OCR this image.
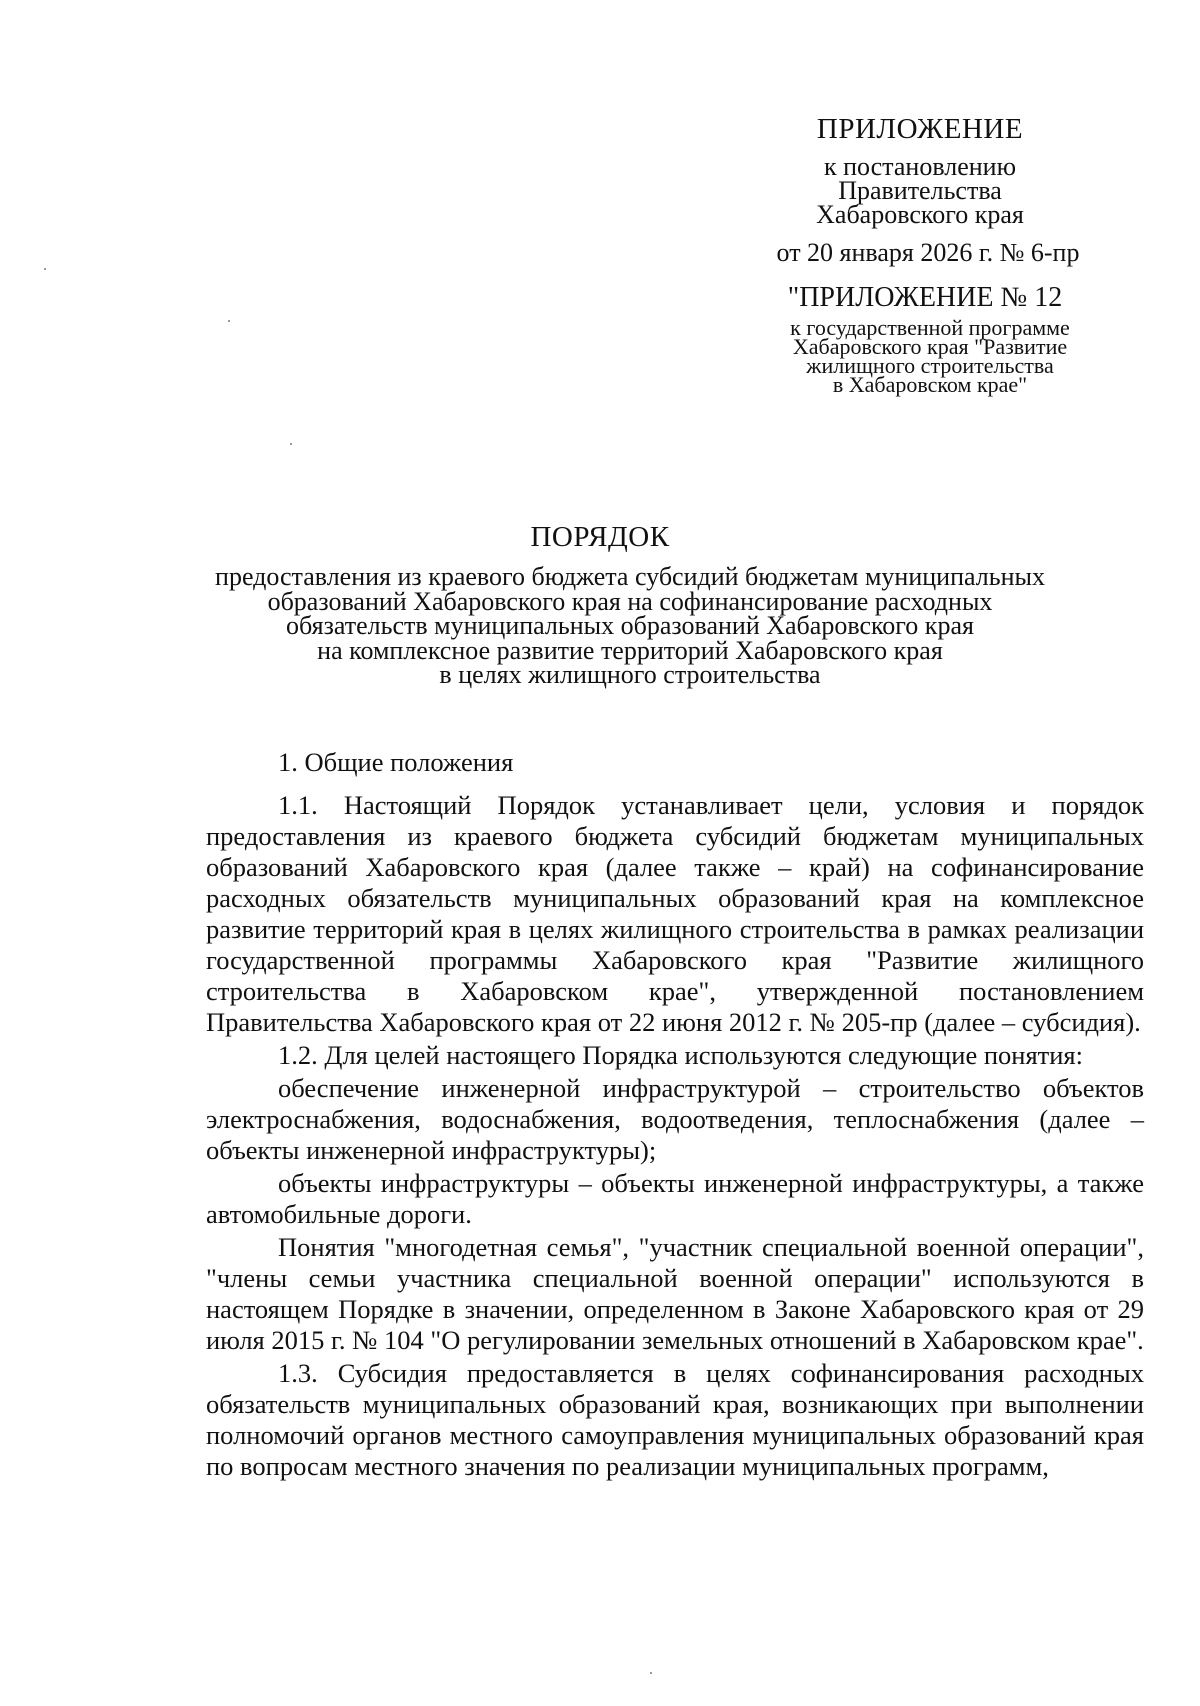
ПРИЛОЖЕНИЕ
к постановлению
Правительства
Хабаровского края
от 20 января 2026 г. № 6-пр
"ПРИЛОЖЕНИЕ № 12
к государственной программе
Хабаровского края "Развитие
жилищного строительства
в Хабаровском крае"
ПОРЯДОК
предоставления из краевого бюджета субсидий бюджетам муниципальных
образований Хабаровского края на софинансирование расходных
обязательств муниципальных образований Хабаровского края
на комплексное развитие территорий Хабаровского края
в целях жилищного строительства
1. Общие положения

1.1. Настоящий Порядок устанавливает цели, условия и порядок предоставления из краевого бюджета субсидий бюджетам муниципальных образований Хабаровского края (далее также – край) на софинансирование расходных обязательств муниципальных образований края на комплексное развитие территорий края в целях жилищного строительства в рамках реализации государственной программы Хабаровского края "Развитие жилищного строительства в Хабаровском крае", утвержденной постановлением Правительства Хабаровского края от 22 июня 2012 г. № 205-пр (далее – субсидия).

1.2. Для целей настоящего Порядка используются следующие понятия:

обеспечение инженерной инфраструктурой – строительство объектов электроснабжения, водоснабжения, водоотведения, теплоснабжения (далее – объекты инженерной инфраструктуры);

объекты инфраструктуры – объекты инженерной инфраструктуры, а также автомобильные дороги.

Понятия "многодетная семья", "участник специальной военной операции", "члены семьи участника специальной военной операции" используются в настоящем Порядке в значении, определенном в Законе Хабаровского края от 29 июля 2015 г. № 104 "О регулировании земельных отношений в Хабаровском крае".

1.3. Субсидия предоставляется в целях софинансирования расходных обязательств муниципальных образований края, возникающих при выполнении полномочий органов местного самоуправления муниципальных образований края по вопросам местного значения по реализации муниципальных программ,
